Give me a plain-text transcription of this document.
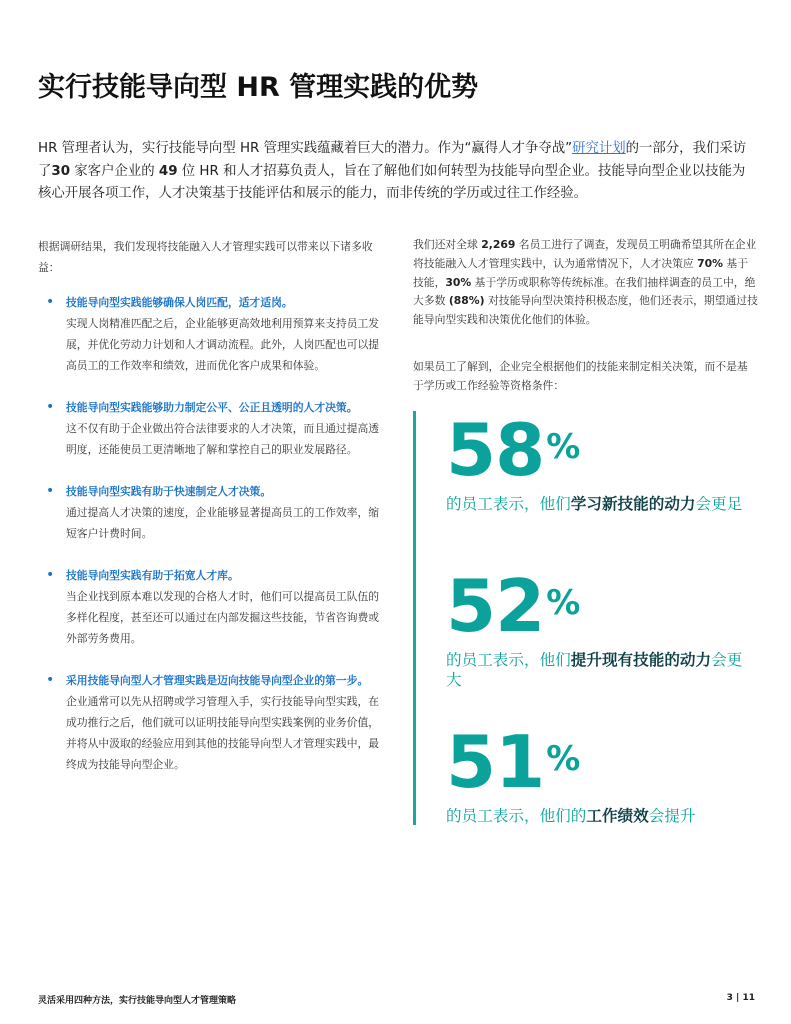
实行技能导向型 HR 管理实践的优势
HR 管理者认为，实行技能导向型 HR 管理实践蕴藏着巨大的潜力。作为“赢得人才争夺战”研究计划的一部分，我们采访了30 家客户企业的 49 位 HR 和人才招募负责人，旨在了解他们如何转型为技能导向型企业。技能导向型企业以技能为核心开展各项工作，人才决策基于技能评估和展示的能力，而非传统的学历或过往工作经验。

根据调研结果，我们发现将技能融入人才管理实践可以带来以下诸多收益：

• 技能导向型实践能够确保人岗匹配，适才适岗。
实现人岗精准匹配之后，企业能够更高效地利用预算来支持员工发展，并优化劳动力计划和人才调动流程。此外，人岗匹配也可以提高员工的工作效率和绩效，进而优化客户成果和体验。
• 技能导向型实践能够助力制定公平、公正且透明的人才决策。
这不仅有助于企业做出符合法律要求的人才决策，而且通过提高透明度，还能使员工更清晰地了解和掌控自己的职业发展路径。
• 技能导向型实践有助于快速制定人才决策。
通过提高人才决策的速度，企业能够显著提高员工的工作效率，缩短客户计费时间。
• 技能导向型实践有助于拓宽人才库。
当企业找到原本难以发现的合格人才时，他们可以提高员工队伍的多样化程度，甚至还可以通过在内部发掘这些技能，节省咨询费或外部劳务费用。
• 采用技能导向型人才管理实践是迈向技能导向型企业的第一步。
企业通常可以先从招聘或学习管理入手，实行技能导向型实践，在成功推行之后，他们就可以证明技能导向型实践案例的业务价值，并将从中汲取的经验应用到其他的技能导向型人才管理实践中，最终成为技能导向型企业。

我们还对全球 2,269 名员工进行了调查，发现员工明确希望其所在企业将技能融入人才管理实践中，认为通常情况下，人才决策应 70% 基于技能，30% 基于学历或职称等传统标准。在我们抽样调查的员工中，绝大多数 (88%) 对技能导向型决策持积极态度，他们还表示，期望通过技能导向型实践和决策优化他们的体验。

如果员工了解到，企业完全根据他们的技能来制定相关决策，而不是基于学历或工作经验等资格条件：

58%
的员工表示，他们学习新技能的动力会更足
52%
的员工表示，他们提升现有技能的动力会更大
51%
的员工表示，他们的工作绩效会提升
灵活采用四种方法，实行技能导向型人才管理策略	3 | 11
